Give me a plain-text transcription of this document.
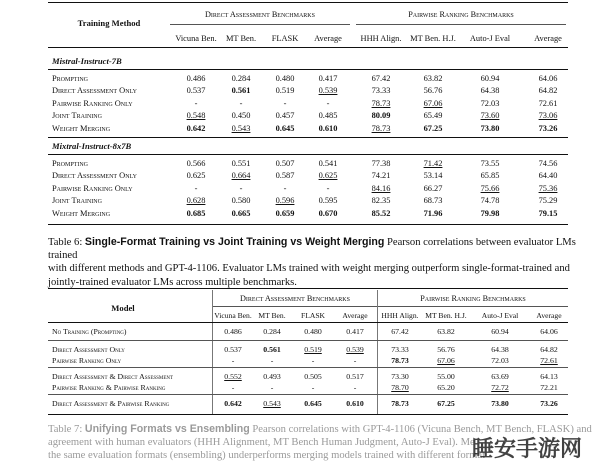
Training Method
Direct Assessment Benchmarks	Pairwise Ranking Benchmarks
Vicuna Ben.	MT Ben.	FLASK	Average	HHH Align.	MT Ben. H.J.	Auto-J Eval	Average
Mistral-Instruct-7B
Prompting	0.486	0.284	0.480	0.417	67.42	63.82	60.94	64.06
Direct Assessment Only	0.537	0.561	0.519	0.539	73.33	56.76	64.38	64.82
Pairwise Ranking Only	-	-	-	-	78.73	67.06	72.03	72.61
Joint Training	0.548	0.450	0.457	0.485	80.09	65.49	73.60	73.06
Weight Merging	0.642	0.543	0.645	0.610	78.73	67.25	73.80	73.26
Mixtral-Instruct-8x7B
Prompting	0.566	0.551	0.507	0.541	77.38	71.42	73.55	74.56
Direct Assessment Only	0.625	0.664	0.587	0.625	74.21	53.14	65.85	64.40
Pairwise Ranking Only	-	-	-	-	84.16	66.27	75.66	75.36
Joint Training	0.628	0.580	0.596	0.595	82.35	68.73	74.78	75.29
Weight Merging	0.685	0.665	0.659	0.670	85.52	71.96	79.98	79.15
Table 6: Single-Format Training vs Joint Training vs Weight Merging Pearson correlations between evaluator LMs trained
with different methods and GPT-4-1106. Evaluator LMs trained with weight merging outperform single-format-trained and
jointly-trained evaluator LMs across multiple benchmarks.
Model
Direct Assessment Benchmarks	Pairwise Ranking Benchmarks
Vicuna Ben. MT Ben.	FLASK	Average	HHH Align. MT Ben. H.J.	Auto-J Eval	Average
No Training (Prompting)	0.486	0.284	0.480	0.417	67.42	63.82	60.94	64.06
Direct Assessment Only	0.537	0.561	0.519	0.539	73.33	56.76	64.38	64.82
Pairwise Ranking Only	-	-	-	-	78.73	67.06	72.03	72.61
Direct Assessment & Direct Assessment	0.552	0.493	0.505	0.517	73.30	55.00	63.69	64.13
Pairwise Ranking & Pairwise Ranking	-	-	-	-	78.70	65.20	72.72	72.21
Direct Assessment & Pairwise Ranking	0.642	0.543	0.645	0.610	78.73	67.25	73.80	73.26
Table 7: Unifying Formats vs Ensembling Pearson correlations with GPT-4-1106 (Vicuna Bench, MT Bench, FLASK) and
agreement with human evaluators (HHH Alignment, MT Bench Human Judgment, Auto-J Eval). Me
the same evaluation formats (ensembling) underperforms merging models trained with different format
睡安手游网
